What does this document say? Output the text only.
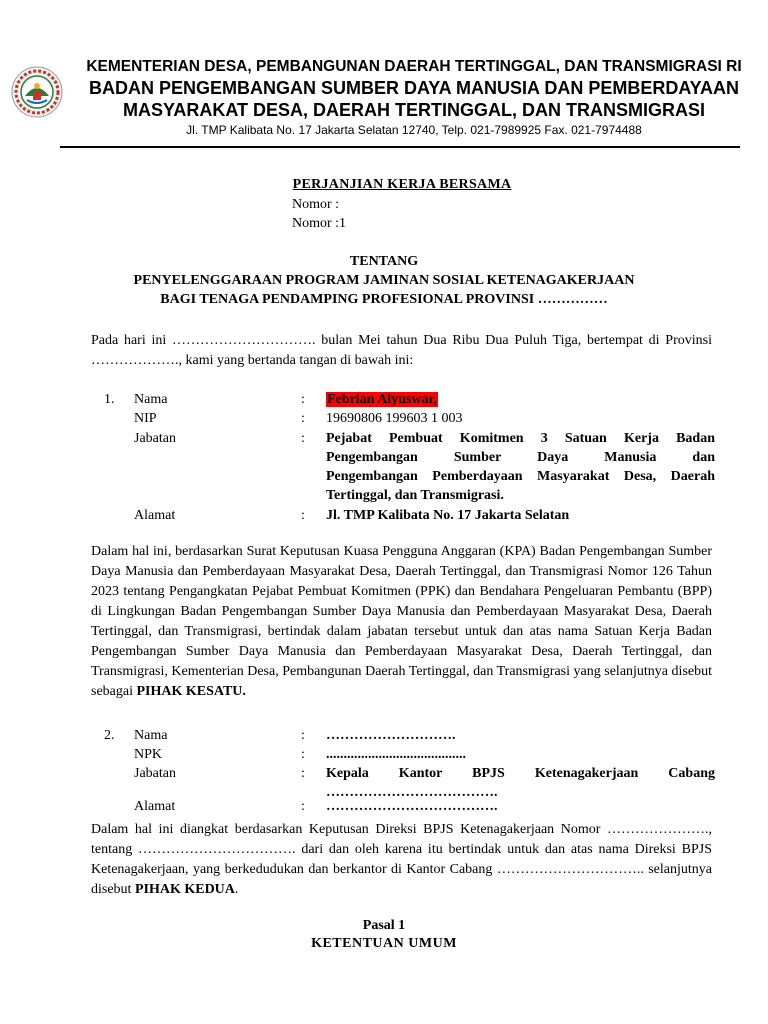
KEMENTERIAN DESA, PEMBANGUNAN DAERAH TERTINGGAL, DAN TRANSMIGRASI RI
BADAN PENGEMBANGAN SUMBER DAYA MANUSIA DAN PEMBERDAYAAN
MASYARAKAT DESA, DAERAH TERTINGGAL, DAN TRANSMIGRASI
Jl. TMP Kalibata No. 17 Jakarta Selatan 12740, Telp. 021-7989925 Fax. 021-7974488
PERJANJIAN KERJA BERSAMA
Nomor :
Nomor :1
TENTANG
PENYELENGGARAAN PROGRAM JAMINAN SOSIAL KETENAGAKERJAAN
BAGI TENAGA PENDAMPING PROFESIONAL PROVINSI ……………
Pada hari ini …………………………. bulan Mei tahun Dua Ribu Dua Puluh Tiga, bertempat di Provinsi ………………., kami yang bertanda tangan di bawah ini:
1. Nama	: Febrian Alyuswar,
NIP	: 19690806 199603 1 003
Jabatan	: Pejabat Pembuat Komitmen 3 Satuan Kerja Badan
Pengembangan Sumber Daya Manusia dan
Pengembangan Pemberdayaan Masyarakat Desa, Daerah
Tertinggal, dan Transmigrasi.
Alamat	: Jl. TMP Kalibata No. 17 Jakarta Selatan
Dalam hal ini, berdasarkan Surat Keputusan Kuasa Pengguna Anggaran (KPA) Badan Pengembangan Sumber Daya Manusia dan Pemberdayaan Masyarakat Desa, Daerah Tertinggal, dan Transmigrasi Nomor 126 Tahun 2023 tentang Pengangkatan Pejabat Pembuat Komitmen (PPK) dan Bendahara Pengeluaran Pembantu (BPP) di Lingkungan Badan Pengembangan Sumber Daya Manusia dan Pemberdayaan Masyarakat Desa, Daerah Tertinggal, dan Transmigrasi, bertindak dalam jabatan tersebut untuk dan atas nama Satuan Kerja Badan Pengembangan Sumber Daya Manusia dan Pemberdayaan Masyarakat Desa, Daerah Tertinggal, dan Transmigrasi, Kementerian Desa, Pembangunan Daerah Tertinggal, dan Transmigrasi yang selanjutnya disebut sebagai PIHAK KESATU.
2. Nama	: ……………………….
NPK	: ........................................
Jabatan	: Kepala Kantor BPJS Ketenagakerjaan Cabang
……………………………….
Alamat	: ……………………………….
Dalam hal ini diangkat berdasarkan Keputusan Direksi BPJS Ketenagakerjaan Nomor …………………., tentang ……………………………. dari dan oleh karena itu bertindak untuk dan atas nama Direksi BPJS Ketenagakerjaan, yang berkedudukan dan berkantor di Kantor Cabang ………………………….. selanjutnya disebut PIHAK KEDUA.
Pasal 1
KETENTUAN UMUM
